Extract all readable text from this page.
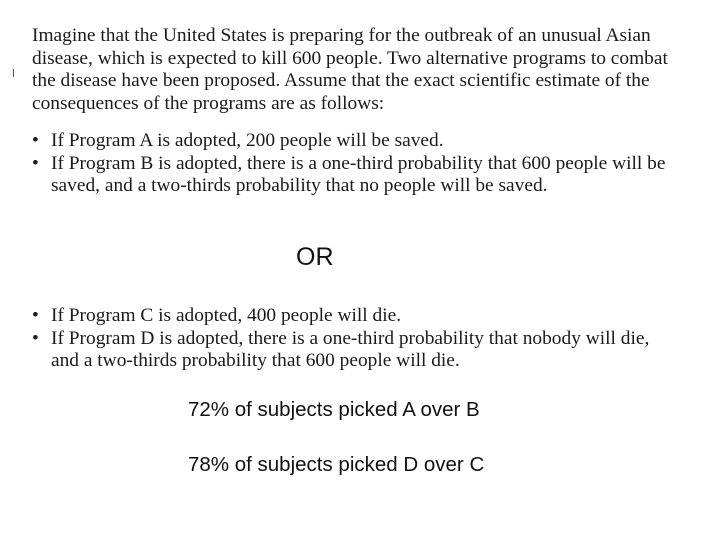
Imagine that the United States is preparing for the outbreak of an unusual Asian
disease, which is expected to kill 600 people. Two alternative programs to combat
the disease have been proposed. Assume that the exact scientific estimate of the
consequences of the programs are as follows:
• If Program A is adopted, 200 people will be saved.
• If Program B is adopted, there is a one-third probability that 600 people will be
saved, and a two-thirds probability that no people will be saved.
OR
• If Program C is adopted, 400 people will die.
• If Program D is adopted, there is a one-third probability that nobody will die,
and a two-thirds probability that 600 people will die.
72% of subjects picked A over B
78% of subjects picked D over C
